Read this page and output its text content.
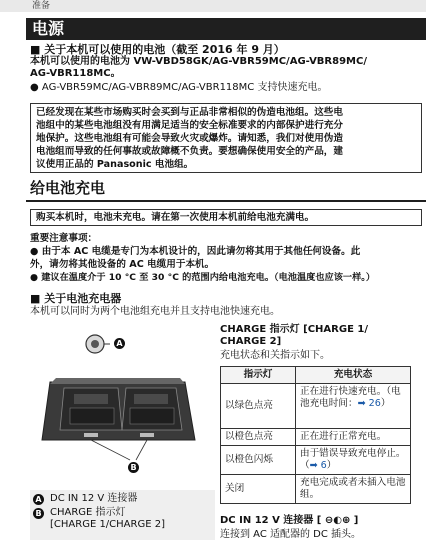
准备
电源
■ 关于本机可以使用的电池（截至 2016 年 9 月）
本机可以使用的电池为 VW-VBD58GK/AG-VBR59MC/AG-VBR89MC/
AG-VBR118MC。
● AG-VBR59MC/AG-VBR89MC/AG-VBR118MC 支持快速充电。
已经发现在某些市场购买时会买到与正品非常相似的伪造电池组。这些电
池组中的某些电池组没有用满足适当的安全标准要求的内部保护进行充分
地保护。这些电池组有可能会导致火灾或爆炸。请知悉，我们对使用伪造
电池组而导致的任何事故或故障概不负责。要想确保使用安全的产品，建
议使用正品的 Panasonic 电池组。
给电池充电
购买本机时，电池未充电。请在第一次使用本机前给电池充满电。
重要注意事项：
● 由于本 AC 电缆是专门为本机设计的，因此请勿将其用于其他任何设备。此
外，请勿将其他设备的 AC 电缆用于本机。
● 建议在温度介于 10 °C 至 30 °C 的范围内给电池充电。（电池温度也应该一样。）
■ 关于电池充电器
本机可以同时为两个电池组充电并且支持电池快速充电。
A
B
A DC IN 12 V 连接器
B CHARGE 指示灯
[CHARGE 1/CHARGE 2]
CHARGE 指示灯 [CHARGE 1/
CHARGE 2]
充电状态和关指示如下。
指示灯	充电状态
以绿色点亮	正在进行快速充电。（电池充电时间：➡ 26）
以橙色点亮	正在进行正常充电。
以橙色闪烁	由于错误导致充电停止。（➡ 6）
关闭	充电完成或者未插入电池组。
DC IN 12 V 连接器 [ ⊖◐⊕ ]
连接到 AC 适配器的 DC 插头。
